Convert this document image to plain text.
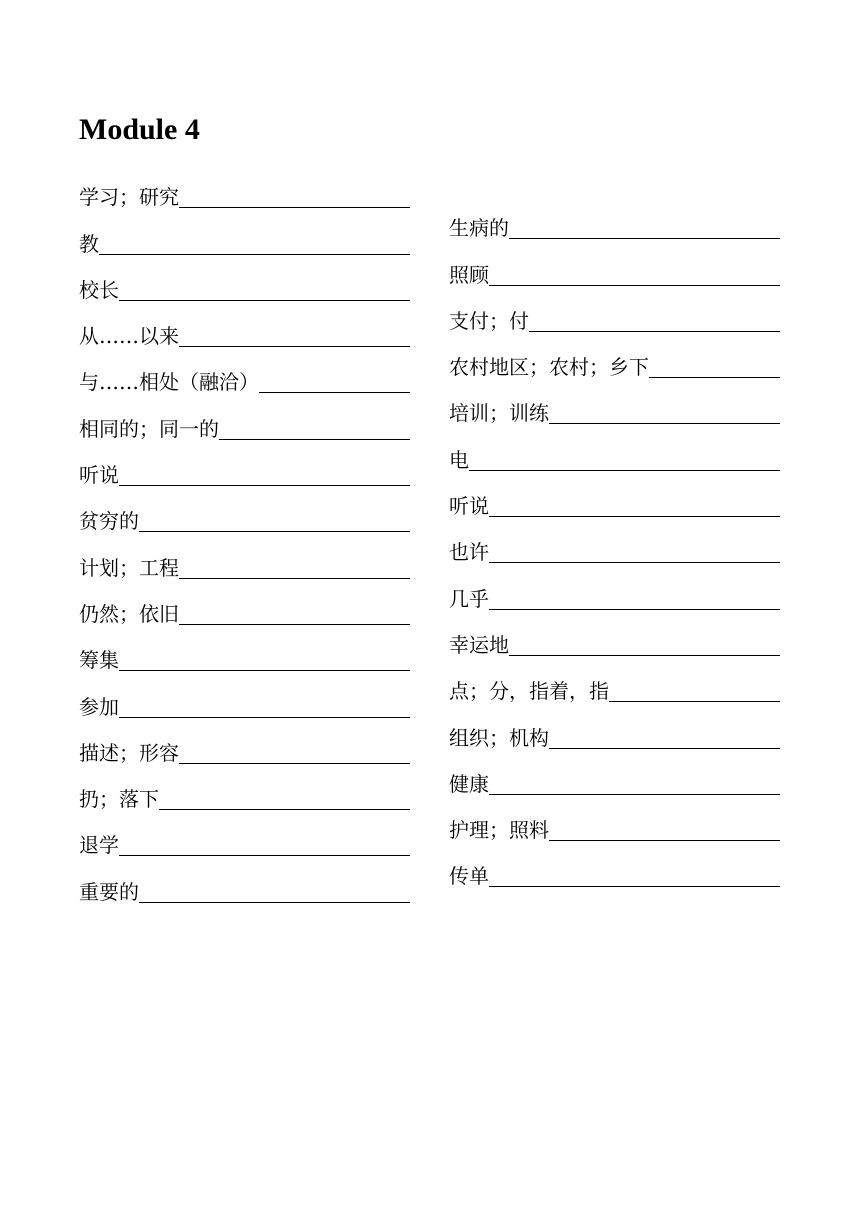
Module 4
学习；研究
教
校长
从……以来
与……相处（融洽）
相同的；同一的
听说
贫穷的
计划；工程
仍然；依旧
筹集
参加
描述；形容
扔；落下
退学
重要的
生病的
照顾
支付；付
农村地区；农村；乡下
培训；训练
电
听说
也许
几乎
幸运地
点；分，指着，指
组织；机构
健康
护理；照料
传单
